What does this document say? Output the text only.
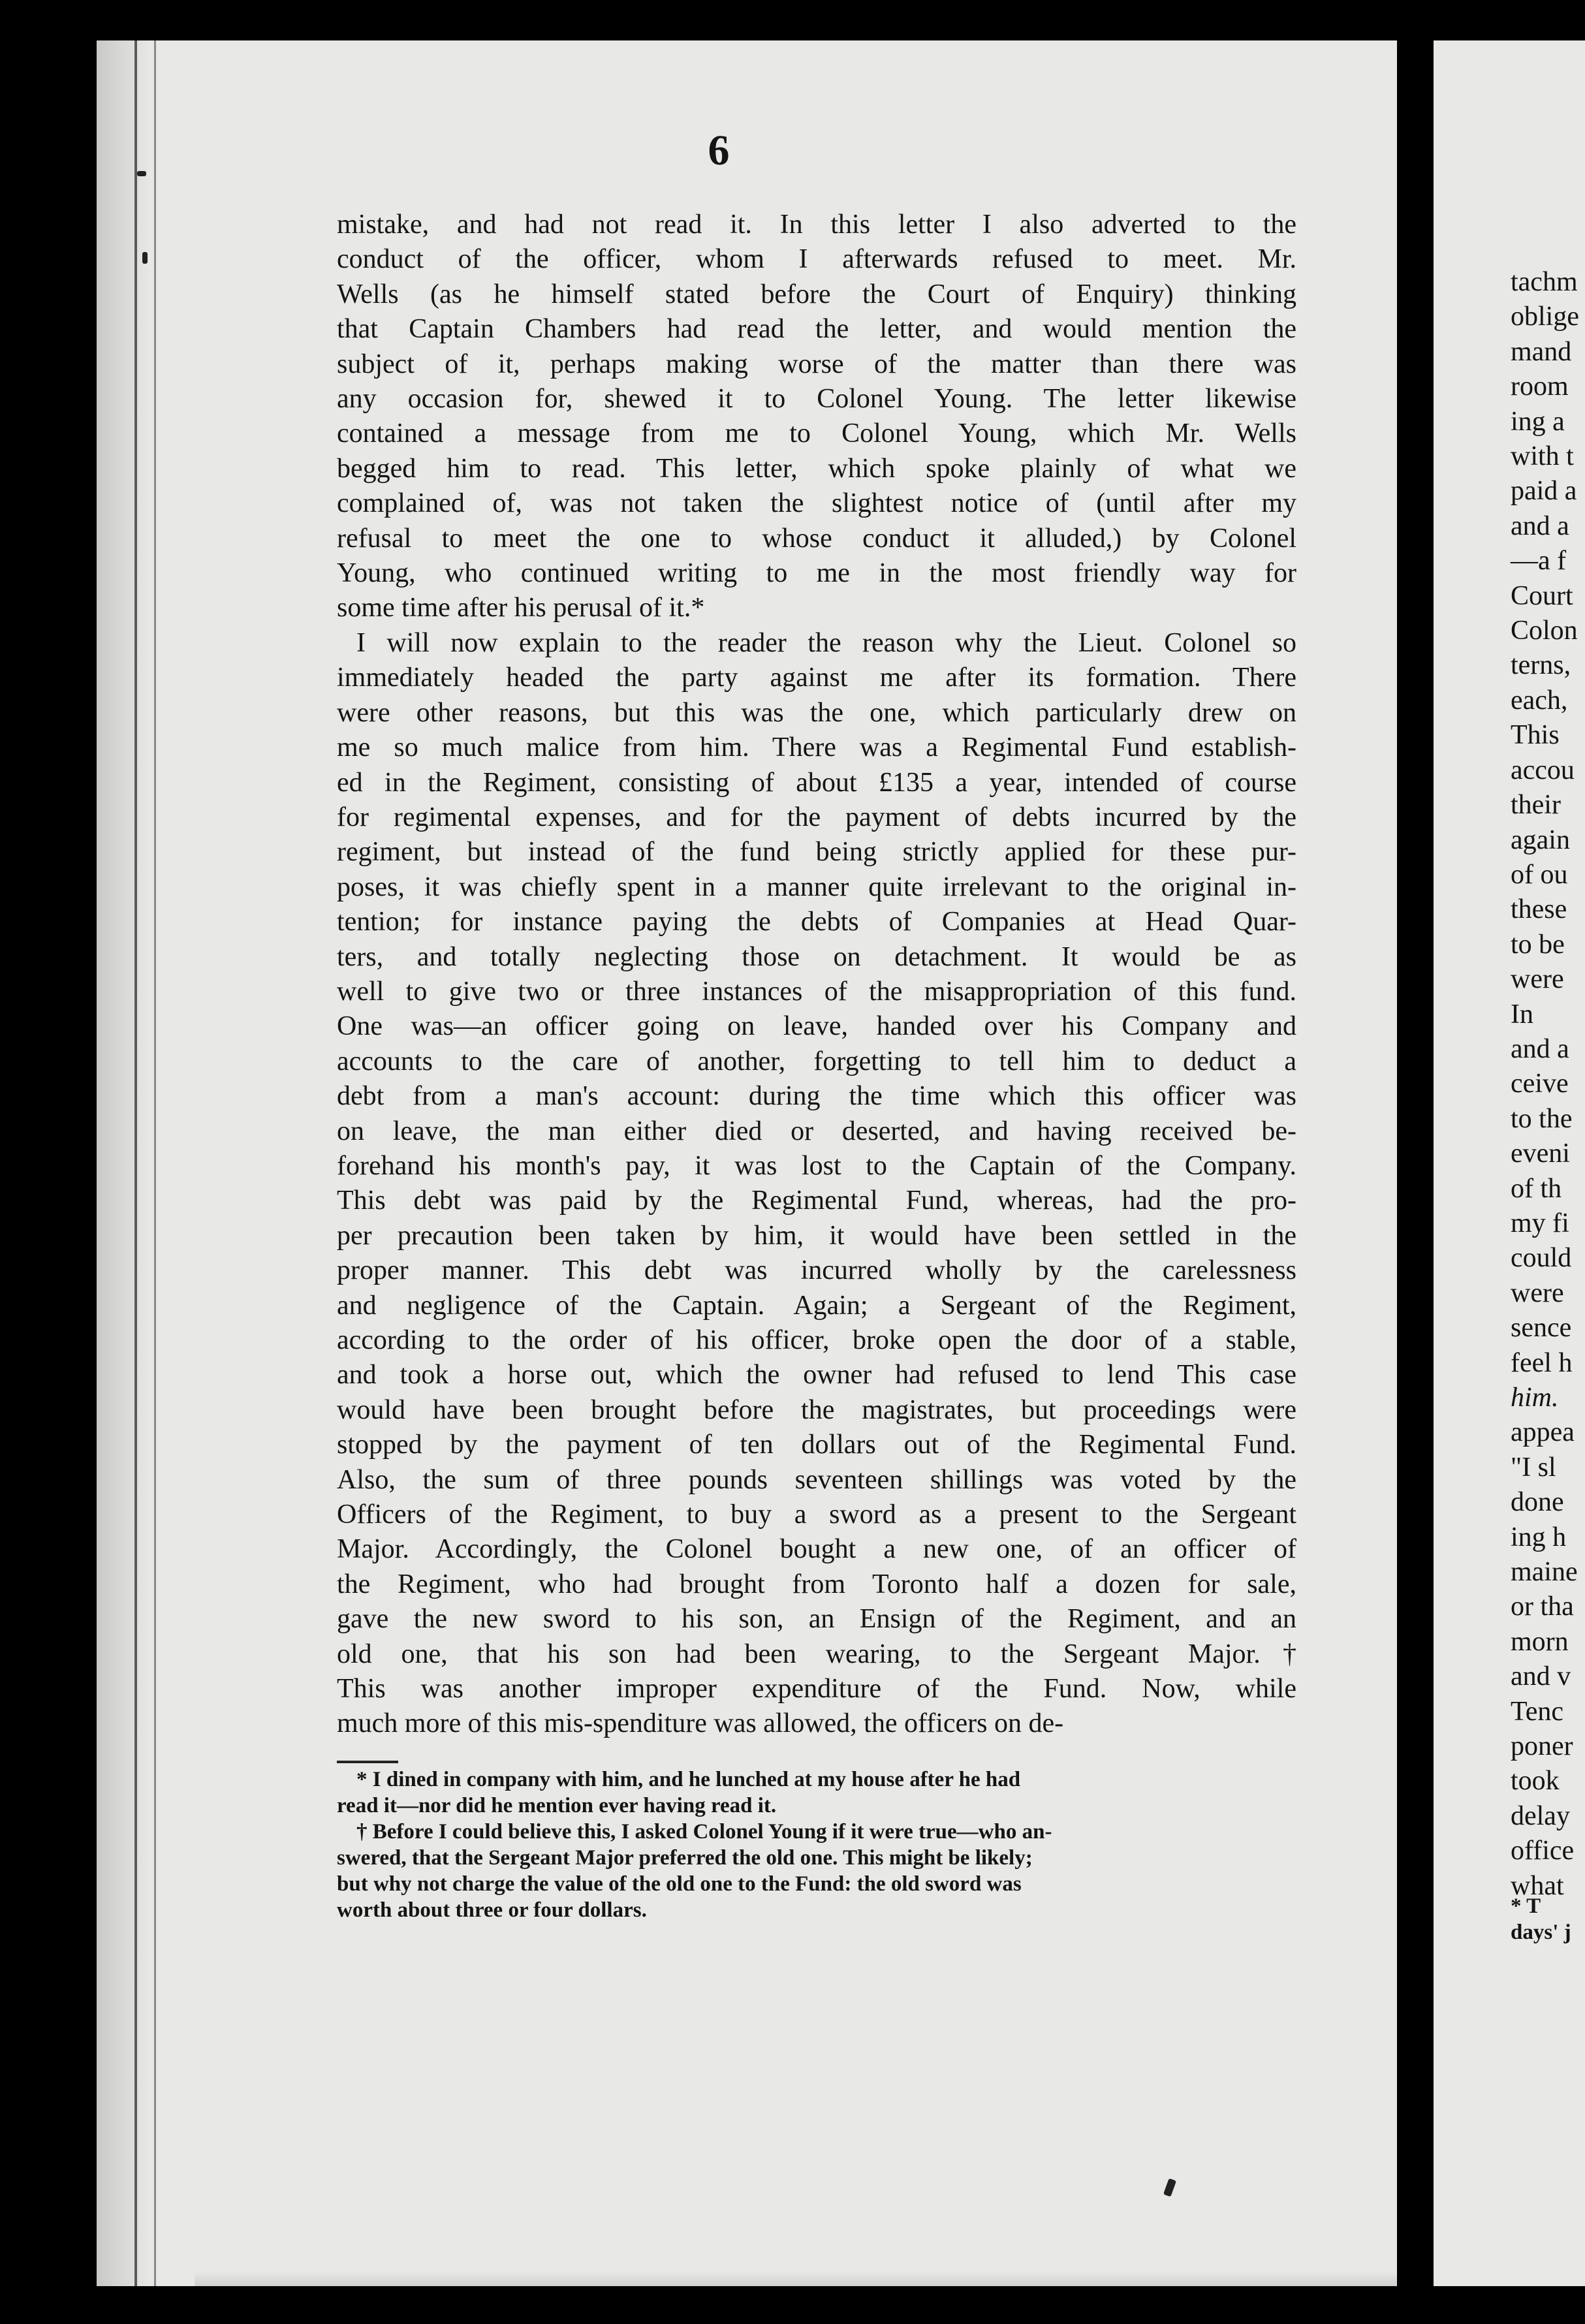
6
mistake, and had not read it. In this letter I also adverted to the
conduct of the officer, whom I afterwards refused to meet. Mr.
Wells (as he himself stated before the Court of Enquiry) thinking
that Captain Chambers had read the letter, and would mention the
subject of it, perhaps making worse of the matter than there was
any occasion for, shewed it to Colonel Young. The letter likewise
contained a message from me to Colonel Young, which Mr. Wells
begged him to read. This letter, which spoke plainly of what we
complained of, was not taken the slightest notice of (until after my
refusal to meet the one to whose conduct it alluded,) by Colonel
Young, who continued writing to me in the most friendly way for
some time after his perusal of it.*
I will now explain to the reader the reason why the Lieut. Colonel so
immediately headed the party against me after its formation. There
were other reasons, but this was the one, which particularly drew on
me so much malice from him. There was a Regimental Fund establish-
ed in the Regiment, consisting of about £135 a year, intended of course
for regimental expenses, and for the payment of debts incurred by the
regiment, but instead of the fund being strictly applied for these pur-
poses, it was chiefly spent in a manner quite irrelevant to the original in-
tention; for instance paying the debts of Companies at Head Quar-
ters, and totally neglecting those on detachment. It would be as
well to give two or three instances of the misappropriation of this fund.
One was—an officer going on leave, handed over his Company and
accounts to the care of another, forgetting to tell him to deduct a
debt from a man's account: during the time which this officer was
on leave, the man either died or deserted, and having received be-
forehand his month's pay, it was lost to the Captain of the Company.
This debt was paid by the Regimental Fund, whereas, had the pro-
per precaution been taken by him, it would have been settled in the
proper manner. This debt was incurred wholly by the carelessness
and negligence of the Captain. Again; a Sergeant of the Regiment,
according to the order of his officer, broke open the door of a stable,
and took a horse out, which the owner had refused to lend This case
would have been brought before the magistrates, but proceedings were
stopped by the payment of ten dollars out of the Regimental Fund.
Also, the sum of three pounds seventeen shillings was voted by the
Officers of the Regiment, to buy a sword as a present to the Sergeant
Major. Accordingly, the Colonel bought a new one, of an officer of
the Regiment, who had brought from Toronto half a dozen for sale,
gave the new sword to his son, an Ensign of the Regiment, and an
old one, that his son had been wearing, to the Sergeant Major.†
This was another improper expenditure of the Fund. Now, while
much more of this mis-spenditure was allowed, the officers on de-
* I dined in company with him, and he lunched at my house after he had
read it—nor did he mention ever having read it.
† Before I could believe this, I asked Colonel Young if it were true—who an-
swered, that the Sergeant Major preferred the old one. This might be likely;
but why not charge the value of the old one to the Fund: the old sword was
worth about three or four dollars.
tachm
oblige
mand
room
ing a
with t
paid a
and a
—a f
Court
Colon
terns,
each,
This
accou
their
again
of ou
these
to be
were
In
and a
ceive
to the
eveni
of th
my fi
could
were
sence
feel h
him.
appea
"I sl
done
ing h
maine
or tha
morn
and v
Tenc
poner
took
delay
office
what
* T
days' j
